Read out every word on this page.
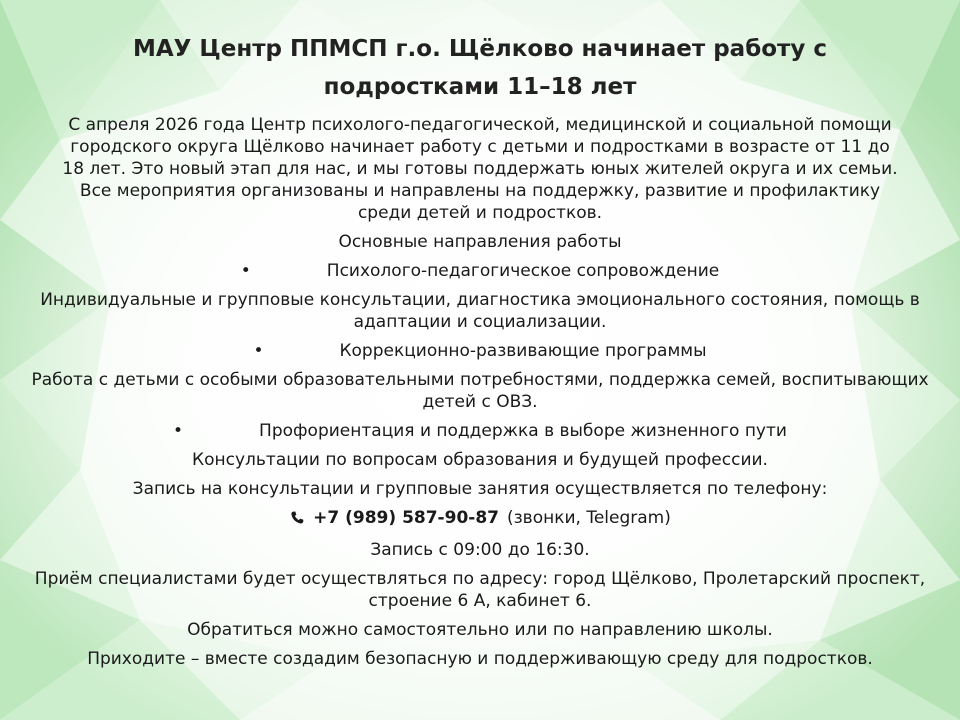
МАУ Центр ППМСП г.о. Щёлково начинает работу с
подростками 11–18 лет

С апреля 2026 года Центр психолого-педагогической, медицинской и социальной помощи городского округа Щёлково начинает работу с детьми и подростками в возрасте от 11 до 18 лет. Это новый этап для нас, и мы готовы поддержать юных жителей округа и их семьи. Все мероприятия организованы и направлены на поддержку, развитие и профилактику среди детей и подростков.

Основные направления работы

•	Психолого-педагогическое сопровождение

Индивидуальные и групповые консультации, диагностика эмоционального состояния, помощь в адаптации и социализации.

•	Коррекционно-развивающие программы

Работа с детьми с особыми образовательными потребностями, поддержка семей, воспитывающих детей с ОВЗ.

•	Профориентация и поддержка в выборе жизненного пути

Консультации по вопросам образования и будущей профессии.

Запись на консультации и групповые занятия осуществляется по телефону:

+7 (989) 587-90-87 (звонки, Telegram)

Запись с 09:00 до 16:30.

Приём специалистами будет осуществляться по адресу: город Щёлково, Пролетарский проспект, строение 6 А, кабинет 6.

Обратиться можно самостоятельно или по направлению школы.

Приходите – вместе создадим безопасную и поддерживающую среду для подростков.
